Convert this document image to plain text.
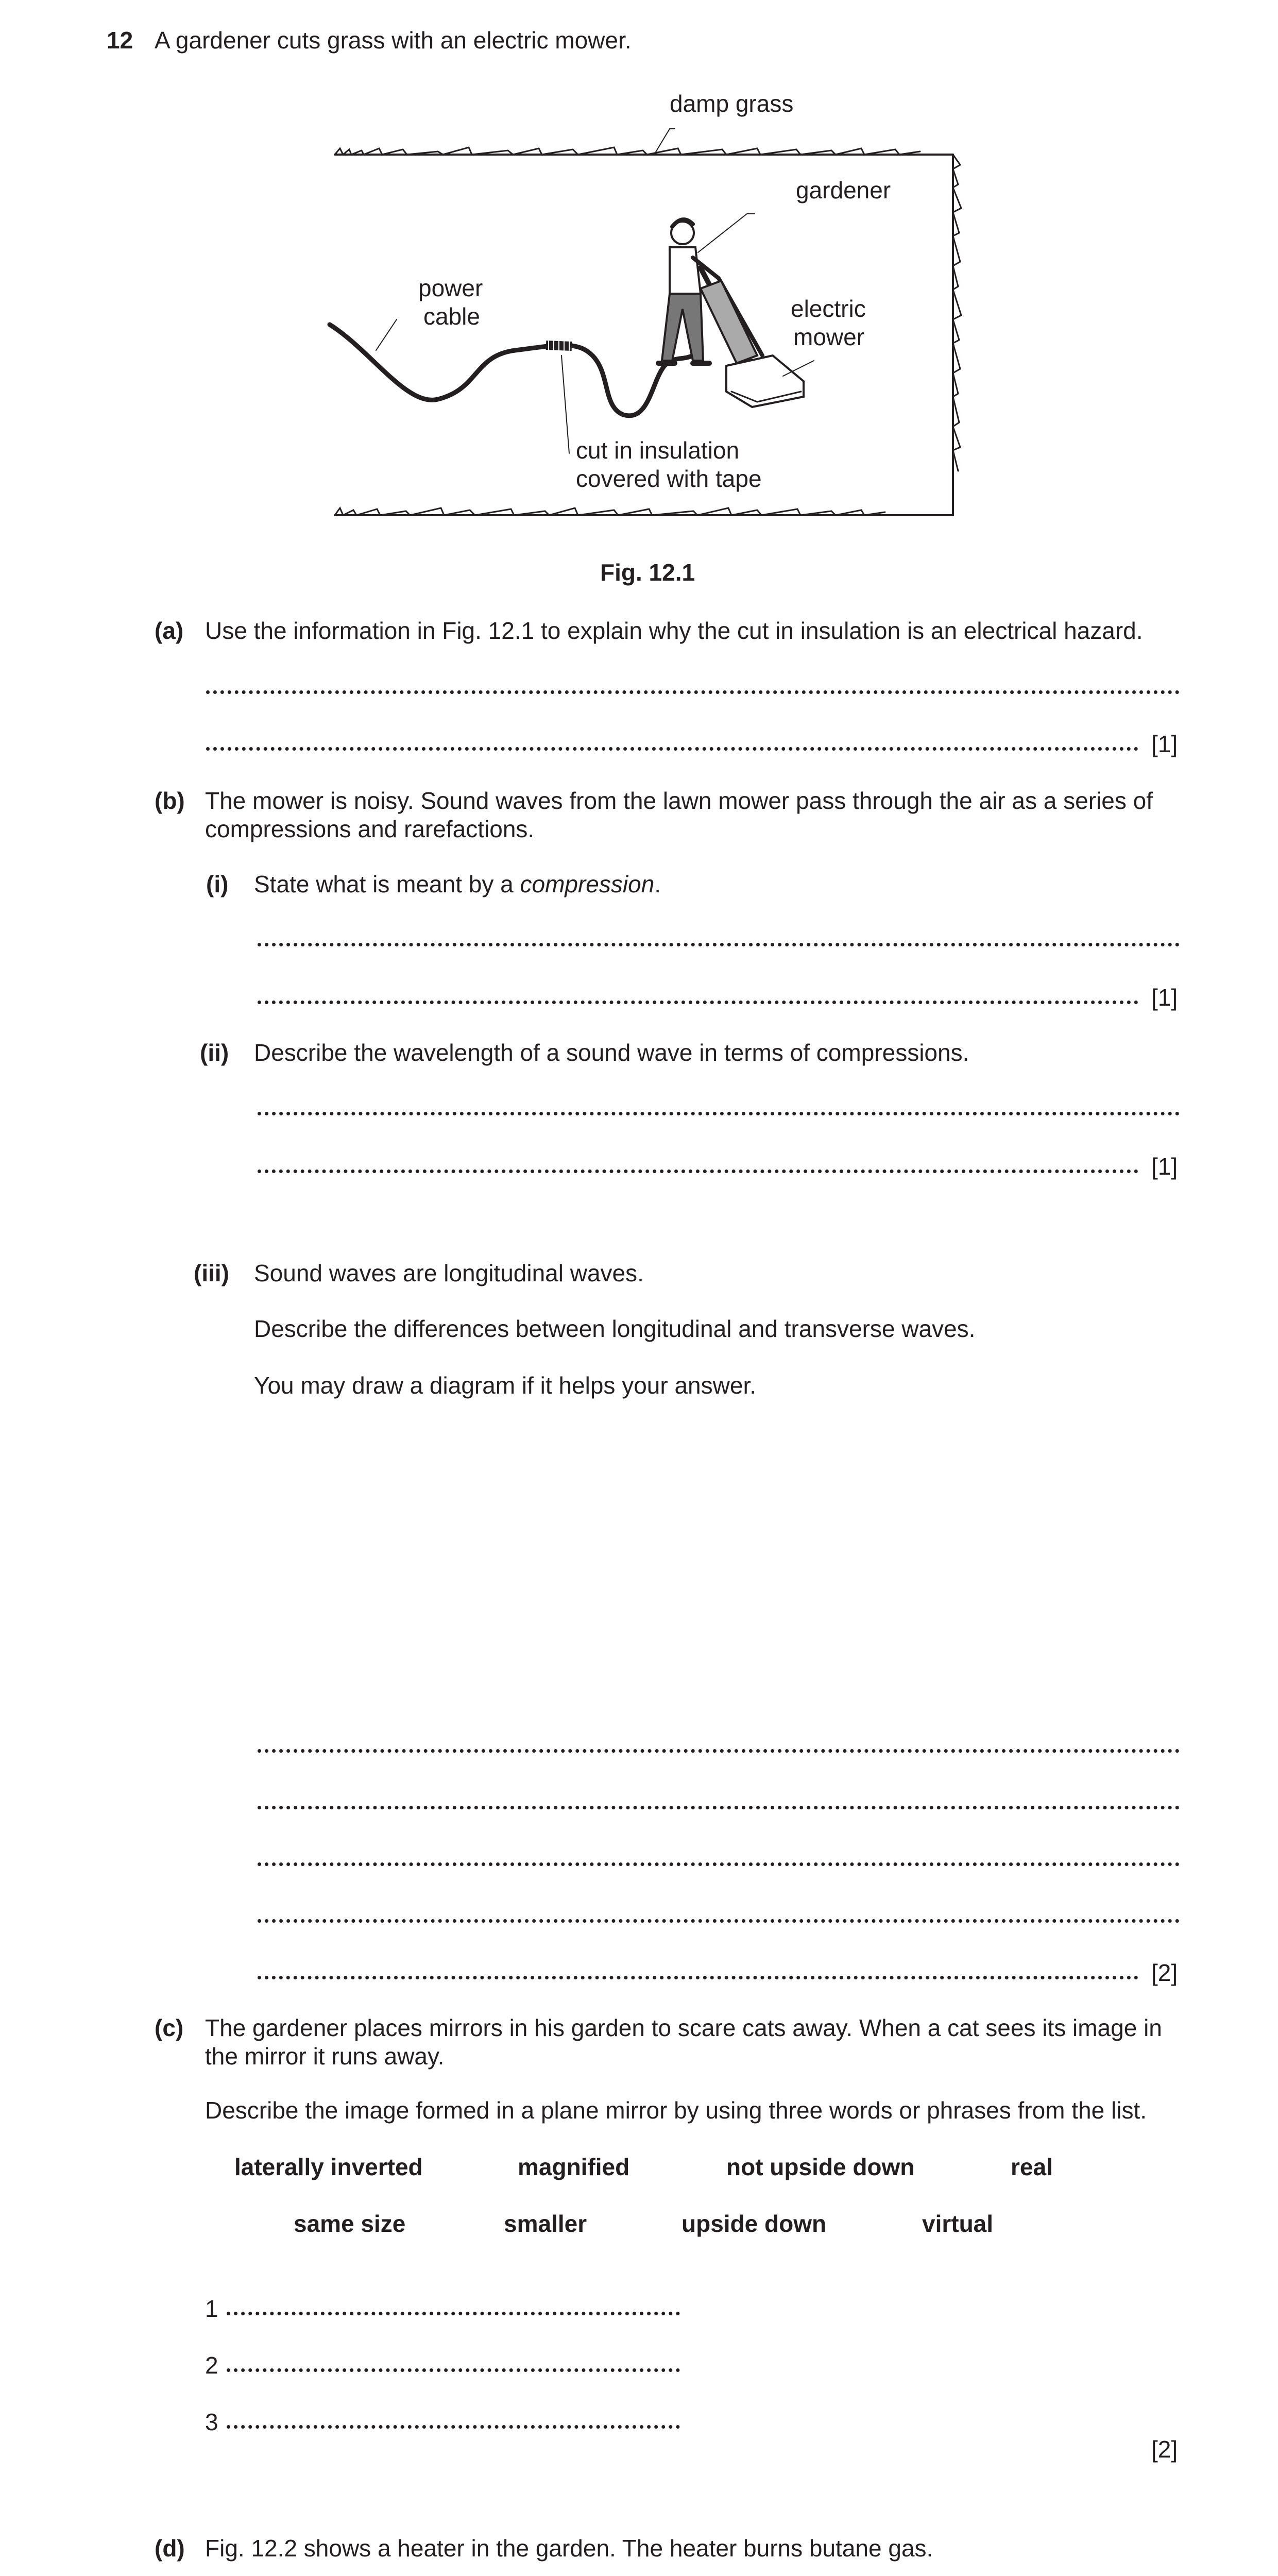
12 A gardener cuts grass with an electric mower.
damp grass
gardener
power
cable	electric
mower
cut in insulation
covered with tape
Fig. 12.1
(a) Use the information in Fig. 12.1 to explain why the cut in insulation is an electrical hazard.
[1]
(b) The mower is noisy. Sound waves from the lawn mower pass through the air as a series of
compressions and rarefactions.
(i) State what is meant by a compression.
[1]
(ii) Describe the wavelength of a sound wave in terms of compressions.
[1]
(iii) Sound waves are longitudinal waves.
Describe the differences between longitudinal and transverse waves.
You may draw a diagram if it helps your answer.
[2]
(c) The gardener places mirrors in his garden to scare cats away. When a cat sees its image in
the mirror it runs away.
Describe the image formed in a plane mirror by using three words or phrases from the list.
laterally inverted	magnified	not upside down	real
same size	smaller	upside down	virtual
1
2
3
[2]
(d) Fig. 12.2 shows a heater in the garden. The heater burns butane gas.
